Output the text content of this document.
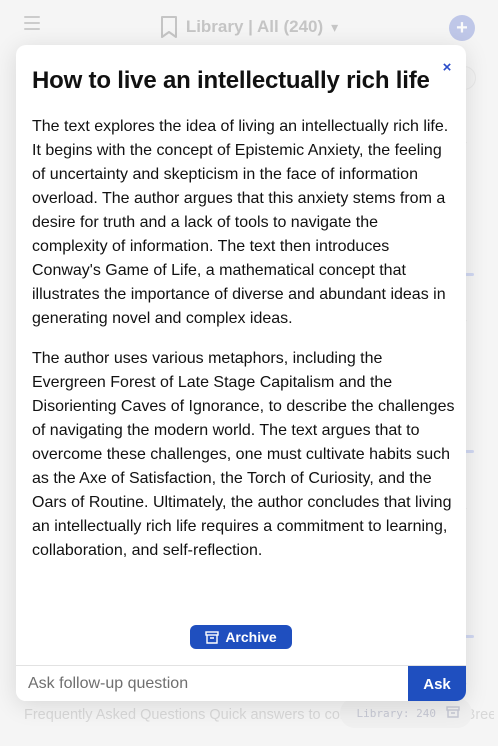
×
How to live an intellectually rich life

The text explores the idea of living an intellectually rich life. It begins with the concept of Epistemic Anxiety, the feeling of uncertainty and skepticism in the face of information overload. The author argues that this anxiety stems from a desire for truth and a lack of tools to navigate the complexity of information. The text then introduces Conway's Game of Life, a mathematical concept that illustrates the importance of diverse and abundant ideas in generating novel and complex ideas.

The author uses various metaphors, including the Evergreen Forest of Late Stage Capitalism and the Disorienting Caves of Ignorance, to describe the challenges of navigating the modern world. The text argues that to overcome these challenges, one must cultivate habits such as the Axe of Satisfaction, the Torch of Curiosity, and the Oars of Routine. Ultimately, the author concludes that living an intellectually rich life requires a commitment to learning, collaboration, and self-reflection.

Archive
Ask follow-up question
Ask
